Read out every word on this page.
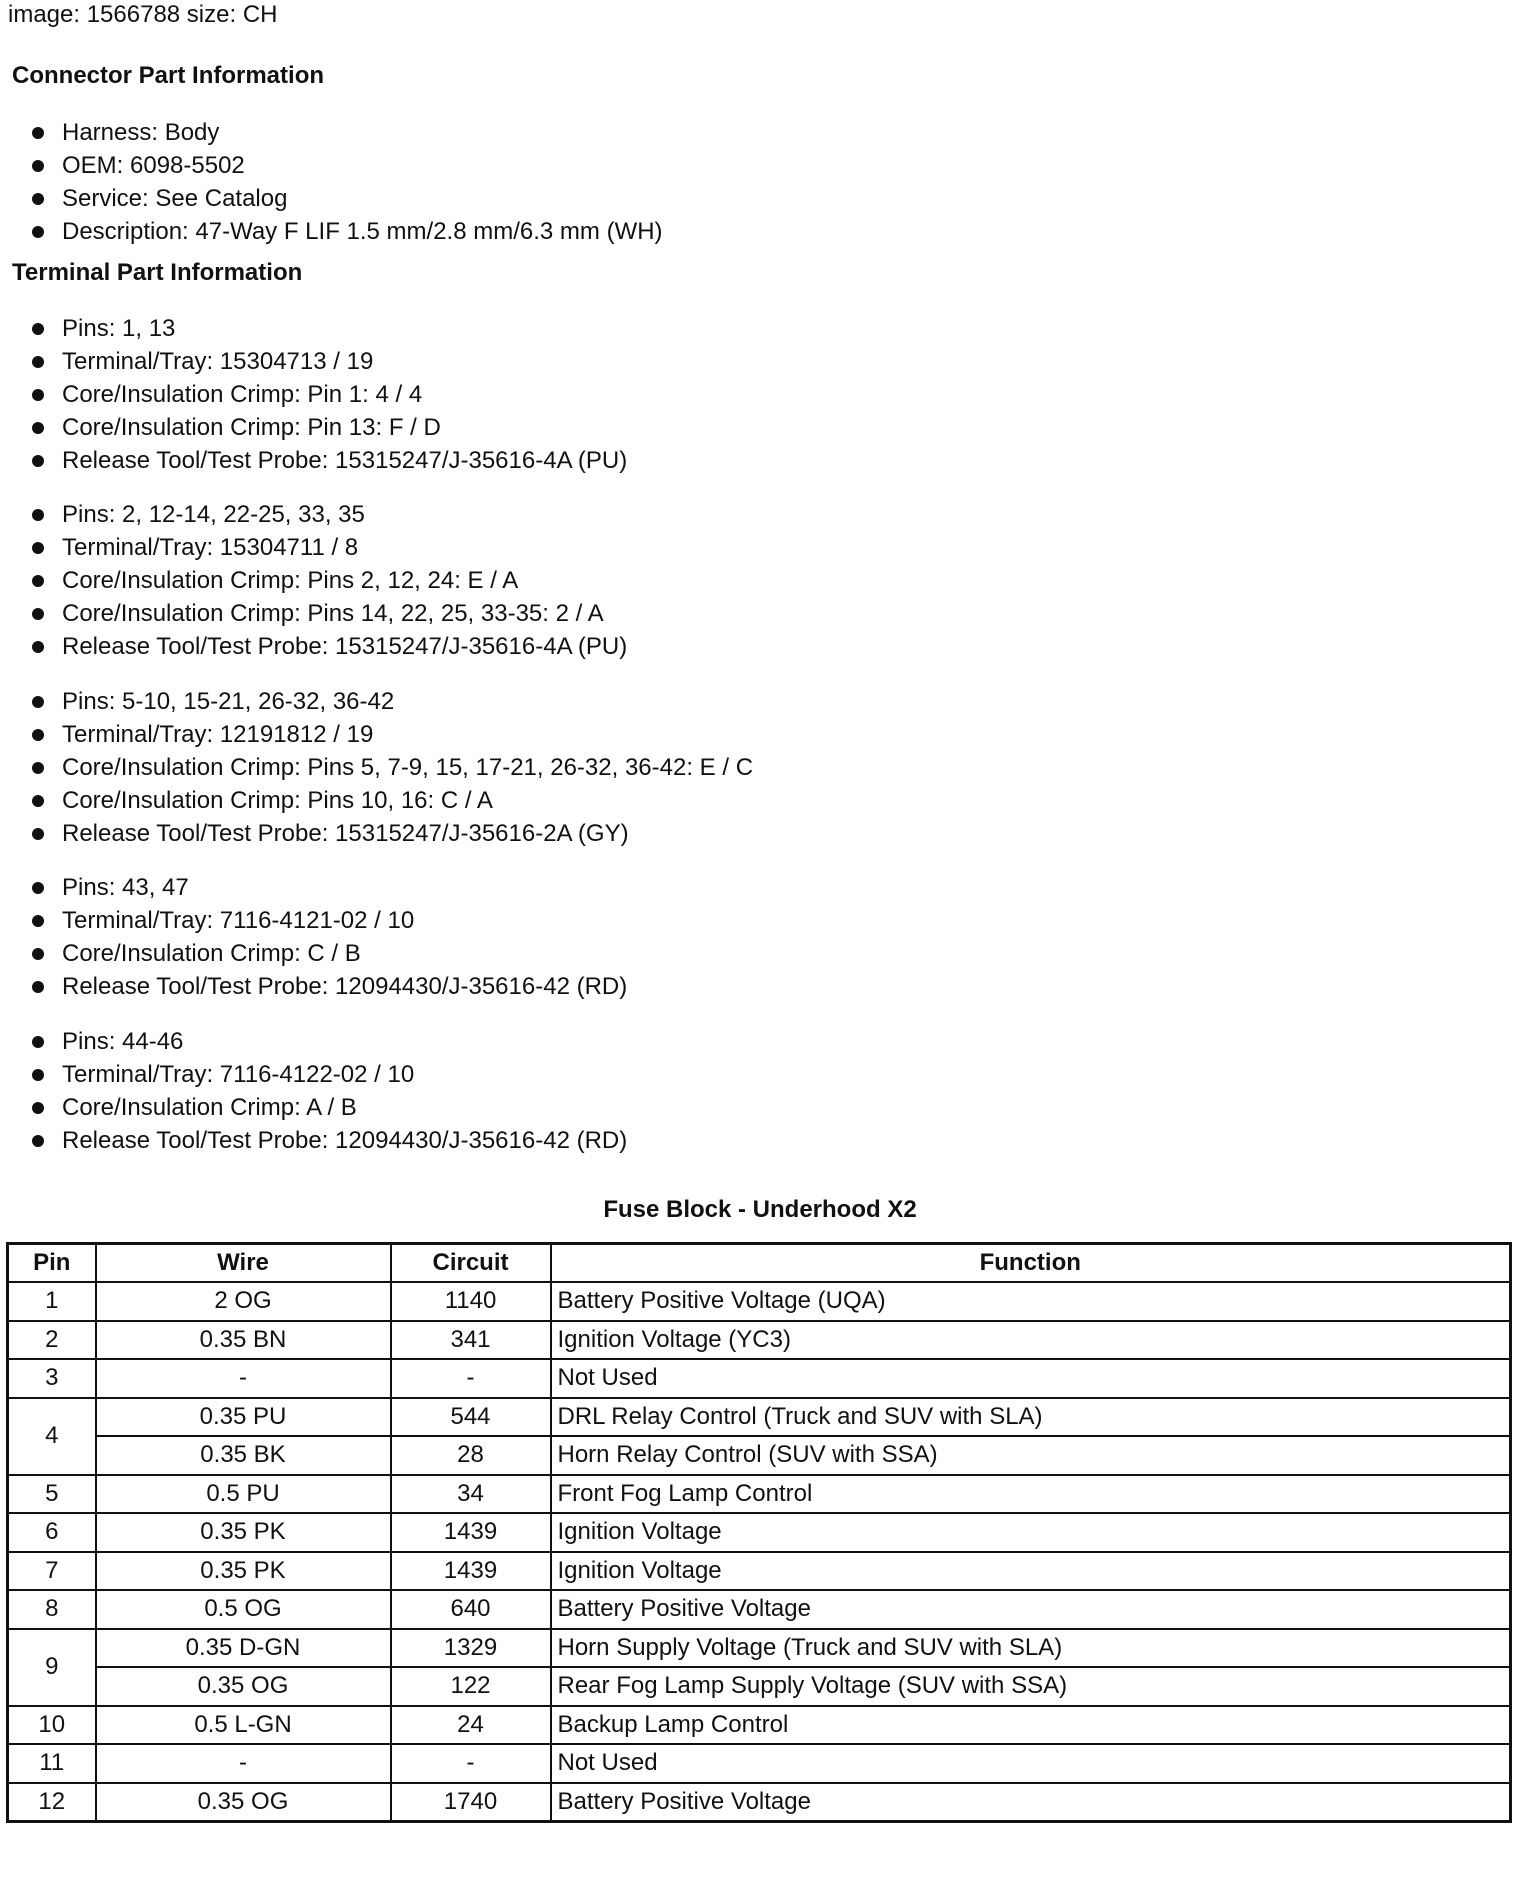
image: 1566788 size: CH
Connector Part Information
Harness: Body
OEM: 6098-5502
Service: See Catalog
Description: 47-Way F LIF 1.5 mm/2.8 mm/6.3 mm (WH)
Terminal Part Information
Pins: 1, 13
Terminal/Tray: 15304713 / 19
Core/Insulation Crimp: Pin 1: 4 / 4
Core/Insulation Crimp: Pin 13: F / D
Release Tool/Test Probe: 15315247/J-35616-4A (PU)
Pins: 2, 12-14, 22-25, 33, 35
Terminal/Tray: 15304711 / 8
Core/Insulation Crimp: Pins 2, 12, 24: E / A
Core/Insulation Crimp: Pins 14, 22, 25, 33-35: 2 / A
Release Tool/Test Probe: 15315247/J-35616-4A (PU)
Pins: 5-10, 15-21, 26-32, 36-42
Terminal/Tray: 12191812 / 19
Core/Insulation Crimp: Pins 5, 7-9, 15, 17-21, 26-32, 36-42: E / C
Core/Insulation Crimp: Pins 10, 16: C / A
Release Tool/Test Probe: 15315247/J-35616-2A (GY)
Pins: 43, 47
Terminal/Tray: 7116-4121-02 / 10
Core/Insulation Crimp: C / B
Release Tool/Test Probe: 12094430/J-35616-42 (RD)
Pins: 44-46
Terminal/Tray: 7116-4122-02 / 10
Core/Insulation Crimp: A / B
Release Tool/Test Probe: 12094430/J-35616-42 (RD)
Fuse Block - Underhood X2
Pin	Wire	Circuit	Function
1	2 OG	1140	Battery Positive Voltage (UQA)
2	0.35 BN	341	Ignition Voltage (YC3)
3	-	-	Not Used
4	0.35 PU	544	DRL Relay Control (Truck and SUV with SLA)
	0.35 BK	28	Horn Relay Control (SUV with SSA)
5	0.5 PU	34	Front Fog Lamp Control
6	0.35 PK	1439	Ignition Voltage
7	0.35 PK	1439	Ignition Voltage
8	0.5 OG	640	Battery Positive Voltage
9	0.35 D-GN	1329	Horn Supply Voltage (Truck and SUV with SLA)
	0.35 OG	122	Rear Fog Lamp Supply Voltage (SUV with SSA)
10	0.5 L-GN	24	Backup Lamp Control
11	-	-	Not Used
12	0.35 OG	1740	Battery Positive Voltage
